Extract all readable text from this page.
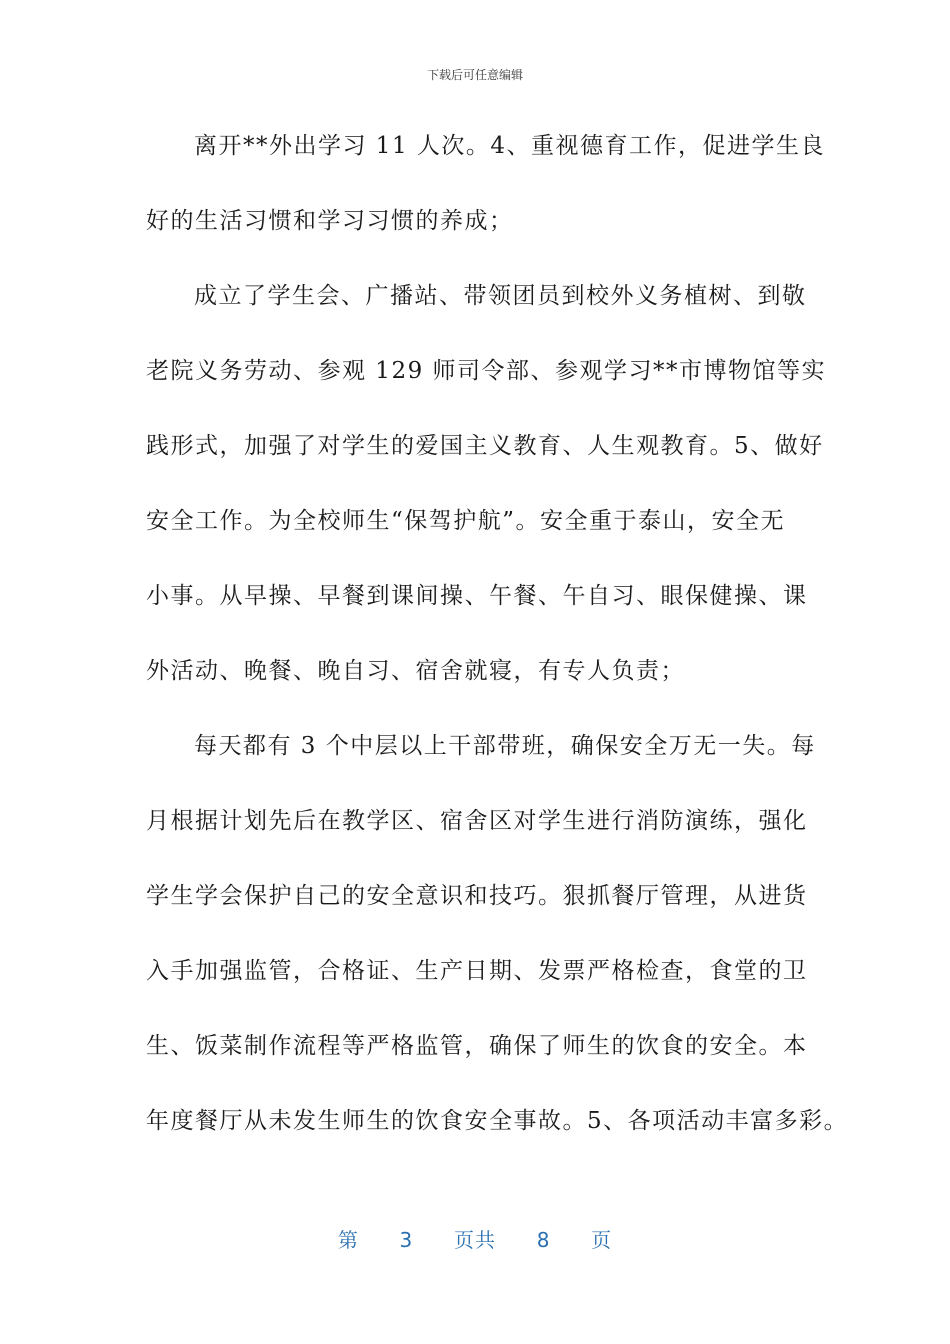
下载后可任意编辑
离开**外出学习 11 人次。4、重视德育工作，促进学生良
好的生活习惯和学习习惯的养成；
成立了学生会、广播站、带领团员到校外义务植树、到敬
老院义务劳动、参观 129 师司令部、参观学习**市博物馆等实
践形式，加强了对学生的爱国主义教育、人生观教育。5、做好
安全工作。为全校师生“保驾护航”。安全重于泰山，安全无
小事。从早操、早餐到课间操、午餐、午自习、眼保健操、课
外活动、晚餐、晚自习、宿舍就寝，有专人负责；
每天都有 3 个中层以上干部带班，确保安全万无一失。每
月根据计划先后在教学区、宿舍区对学生进行消防演练，强化
学生学会保护自己的安全意识和技巧。狠抓餐厅管理，从进货
入手加强监管，合格证、生产日期、发票严格检查，食堂的卫
生、饭菜制作流程等严格监管，确保了师生的饮食的安全。本
年度餐厅从未发生师生的饮食安全事故。5、各项活动丰富多彩。
第 3 页共 8 页
